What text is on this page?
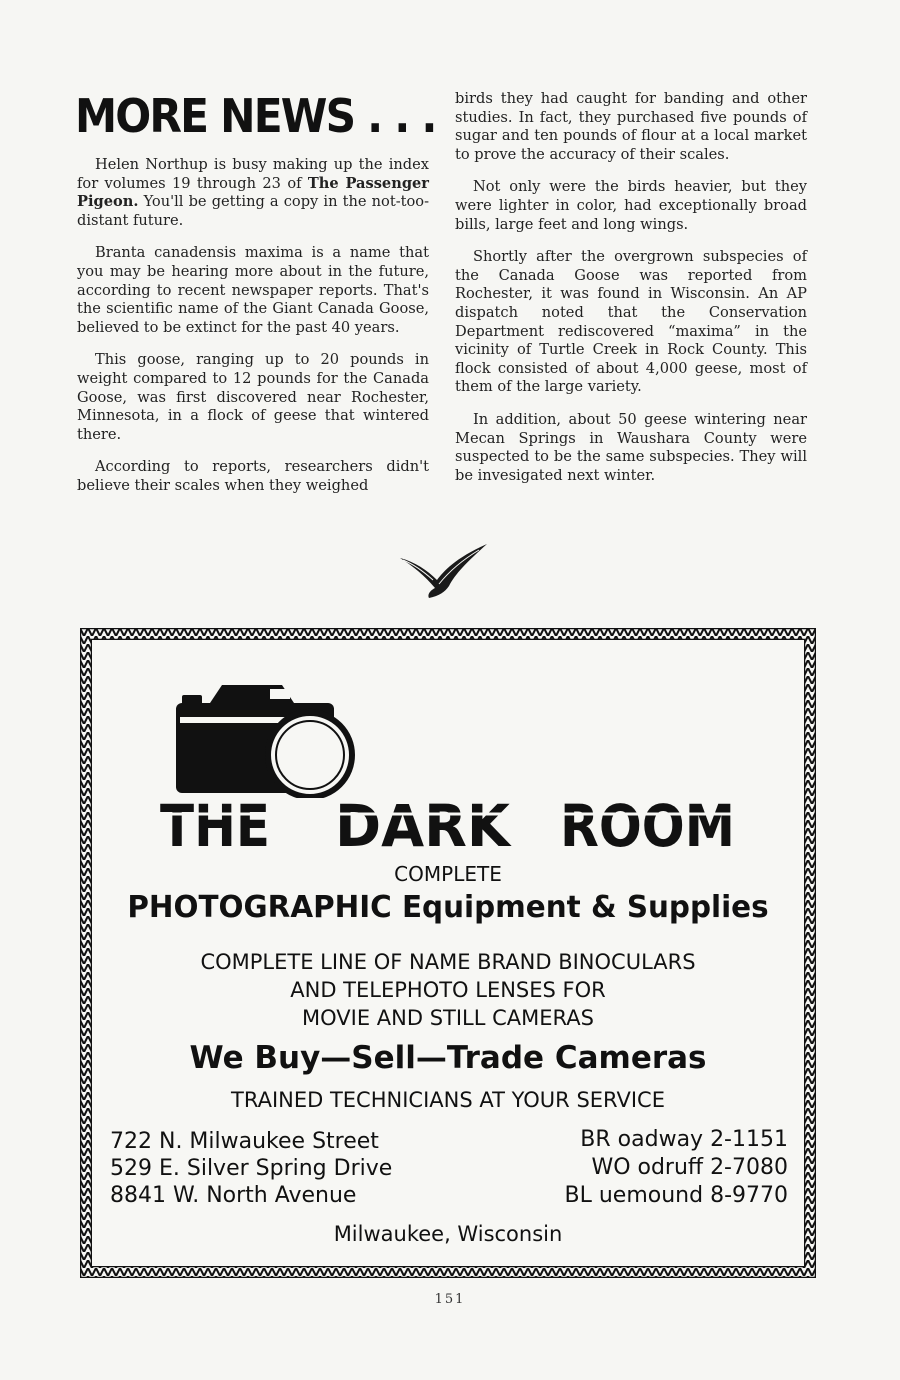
MORE NEWS . . .

Helen Northup is busy making up the index for volumes 19 through 23 of The Passenger Pigeon. You'll be getting a copy in the not-too-distant future.

Branta canadensis maxima is a name that you may be hearing more about in the future, according to recent newspaper reports. That's the scientific name of the Giant Canada Goose, believed to be extinct for the past 40 years.

This goose, ranging up to 20 pounds in weight compared to 12 pounds for the Canada Goose, was first discovered near Rochester, Minnesota, in a flock of geese that wintered there.

According to reports, researchers didn't believe their scales when they weighed

birds they had caught for banding and other studies. In fact, they purchased five pounds of sugar and ten pounds of flour at a local market to prove the accuracy of their scales.

Not only were the birds heavier, but they were lighter in color, had exceptionally broad bills, large feet and long wings.

Shortly after the overgrown subspecies of the Canada Goose was reported from Rochester, it was found in Wisconsin. An AP dispatch noted that the Conservation Department rediscovered “maxima” in the vicinity of Turtle Creek in Rock County. This flock consisted of about 4,000 geese, most of them of the large variety.

In addition, about 50 geese wintering near Mecan Springs in Waushara County were suspected to be the same subspecies. They will be invesigated next winter.

THE DARK ROOM
COMPLETE
PHOTOGRAPHIC Equipment & Supplies
COMPLETE LINE OF NAME BRAND BINOCULARS
AND TELEPHOTO LENSES FOR
MOVIE AND STILL CAMERAS
We Buy—Sell—Trade Cameras
TRAINED TECHNICIANS AT YOUR SERVICE
722 N. Milwaukee Street
529 E. Silver Spring Drive
8841 W. North Avenue
BR oadway 2-1151
WO odruff 2-7080
BL uemound 8-9770
Milwaukee, Wisconsin
151
